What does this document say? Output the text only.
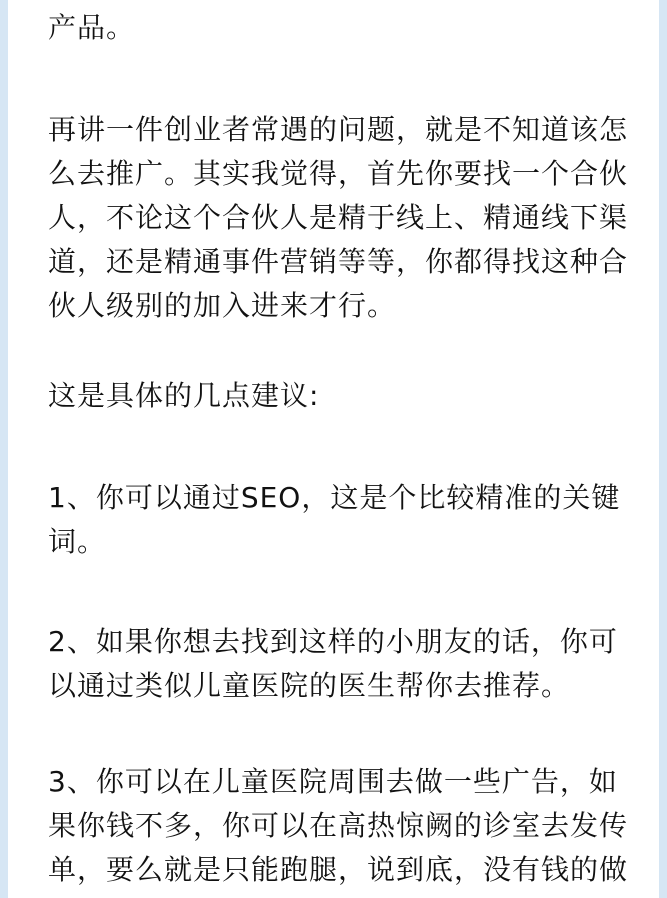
产品。

再讲一件创业者常遇的问题，就是不知道该怎么去推广。其实我觉得，首先你要找一个合伙人，不论这个合伙人是精于线上、精通线下渠道，还是精通事件营销等等，你都得找这种合伙人级别的加入进来才行。

这是具体的几点建议:

1、你可以通过SEO，这是个比较精准的关键词。

2、如果你想去找到这样的小朋友的话，你可以通过类似儿童医院的医生帮你去推荐。

3、你可以在儿童医院周围去做一些广告，如果你钱不多，你可以在高热惊阙的诊室去发传单，要么就是只能跑腿，说到底，没有钱的做
